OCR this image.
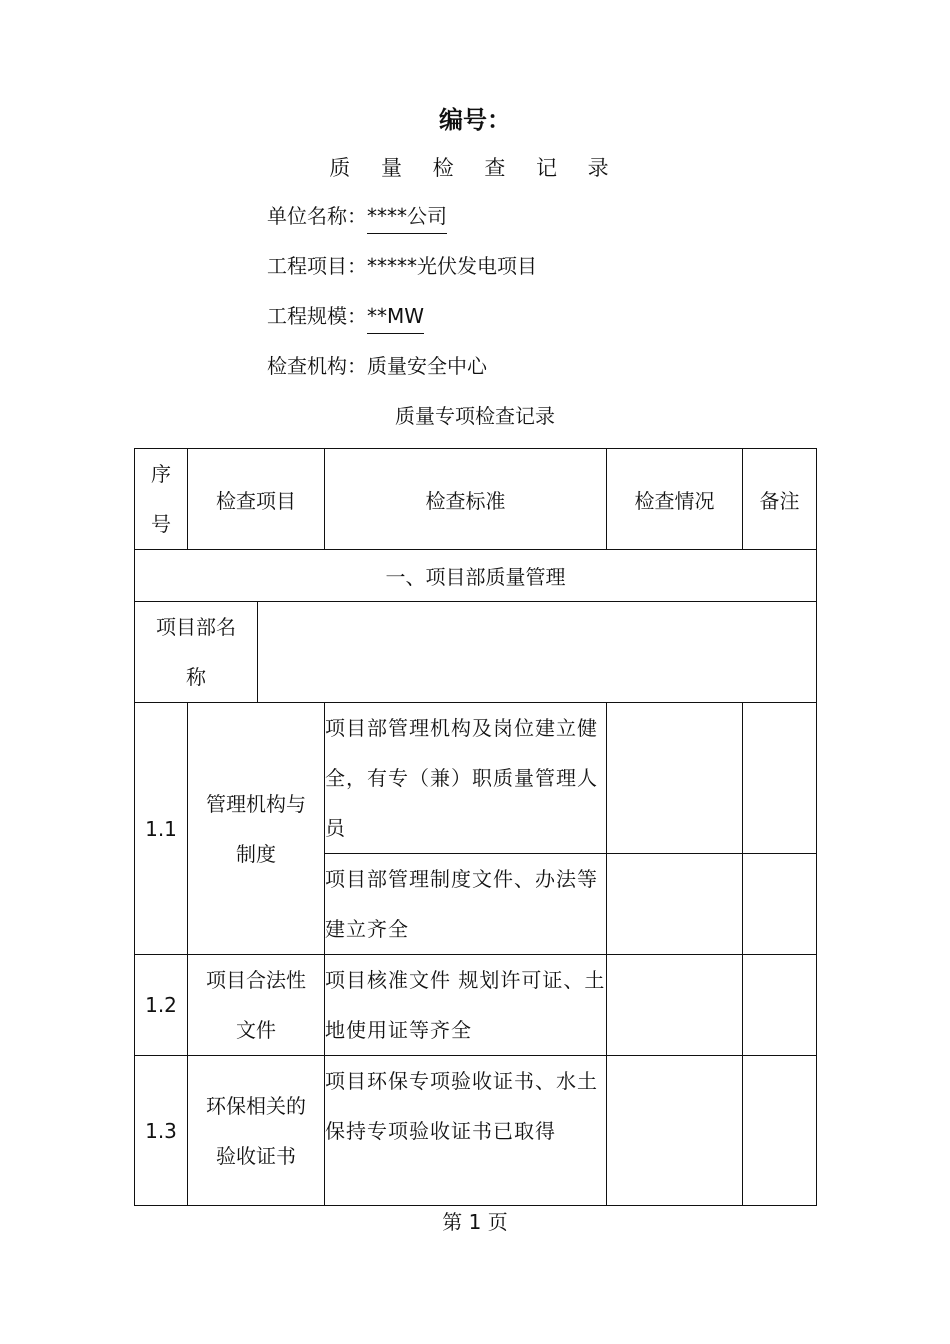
编号：
质 量 检 查 记 录
单位名称：****公司
工程项目：*****光伏发电项目
工程规模：**MW
检查机构：质量安全中心
质量专项检查记录
序号	检查项目		检查标准	检查情况	备注
一、项目部质量管理					
项目部名称					
1.1	管理机构与制度		项目部管理机构及岗位建立健全，有专（兼）职质量管理人员		
			项目部管理制度文件、办法等建立齐全		
1.2	项目合法性文件		项目核准文件 规划许可证、土地使用证等齐全		
1.3	环保相关的验收证书		项目环保专项验收证书、水土保持专项验收证书已取得		
第 1 页
